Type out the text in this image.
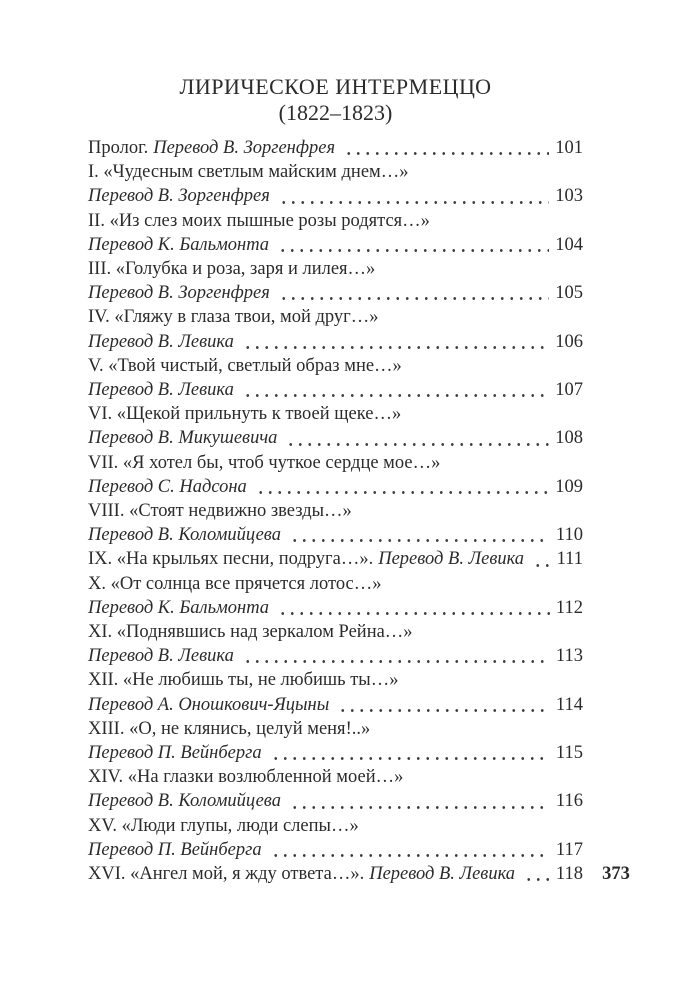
ЛИРИЧЕСКОЕ ИНТЕРМЕЦЦО
(1822–1823)
Пролог. Перевод В. Зоргенфрея	101
I. «Чудесным светлым майским днем…»
Перевод В. Зоргенфрея	103
II. «Из слез моих пышные розы родятся…»
Перевод К. Бальмонта	104
III. «Голубка и роза, заря и лилея…»
Перевод В. Зоргенфрея	105
IV. «Гляжу в глаза твои, мой друг…»
Перевод В. Левика	106
V. «Твой чистый, светлый образ мне…»
Перевод В. Левика	107
VI. «Щекой прильнуть к твоей щеке…»
Перевод В. Микушевича	108
VII. «Я хотел бы, чтоб чуткое сердце мое…»
Перевод С. Надсона	109
VIII. «Стоят недвижно звезды…»
Перевод В. Коломийцева	110
IX. «На крыльях песни, подруга…». Перевод В. Левика 111
X. «От солнца все прячется лотос…»
Перевод К. Бальмонта	112
XI. «Поднявшись над зеркалом Рейна…»
Перевод В. Левика	113
XII. «Не любишь ты, не любишь ты…»
Перевод А. Оношкович-Яцыны	114
XIII. «О, не клянись, целуй меня!..»
Перевод П. Вейнберга	115
XIV. «На глазки возлюбленной моей…»
Перевод В. Коломийцева	116
XV. «Люди глупы, люди слепы…»
Перевод П. Вейнберга	117
XVI. «Ангел мой, я жду ответа…». Перевод В. Левика 118	373
